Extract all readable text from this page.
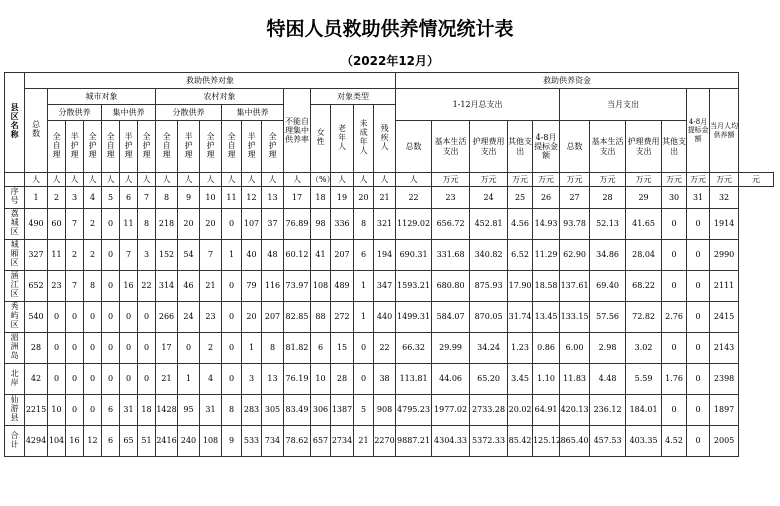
特困人员救助供养情况统计表
（2022年12月）
县区名称	救助供养对象																		救助供养资金											
	总数	城市对象						农村对象						不能自理集中供养率	对象类型				1-12月总支出					当月支出				4-8月提标金额	当月人均供养额	
		分散供养			集中供养			分散供养			集中供养				女性	老年人	未成年人	残疾人												
		全自理	半护理	全护理	全自理	半护理	全护理	全自理	半护理	全护理	全自理	半护理	全护理						总数	基本生活支出	护理费用支出	其他支出	4-8月提标金额	总数	基本生活支出	护理费用支出	其他支出			
	人	人	人	人	人	人	人	人	人	人	人	人	人	人	（%）	人	人	人	人	万元	万元	万元	万元	万元	万元	万元	万元	万元	万元	元
序号	1	2	3	4	5	6	7	8	9	10	11	12	13	17	18	19	20	21	22	23	24	25	26	27	28	29	30	31	32	
荔城区	490	60	7	2	0	11	8	218	20	20	0	107	37	76.89	98	336	8	321	1129.02	656.72	452.81	4.56	14.93	93.78	52.13	41.65	0	0	1914	
城厢区	327	11	2	2	0	7	3	152	54	7	1	40	48	60.12	41	207	6	194	690.31	331.68	340.82	6.52	11.29	62.90	34.86	28.04	0	0	2990	
涵江区	652	23	7	8	0	16	22	314	46	21	0	79	116	73.97	108	489	1	347	1593.21	680.80	875.93	17.90	18.58	137.61	69.40	68.22	0	0	2111	
秀屿区	540	0	0	0	0	0	0	266	24	23	0	20	207	82.85	88	272	1	440	1499.31	584.07	870.05	31.74	13.45	133.15	57.56	72.82	2.76	0	2415	
湄洲岛	28	0	0	0	0	0	0	17	0	2	0	1	8	81.82	6	15	0	22	66.32	29.99	34.24	1.23	0.86	6.00	2.98	3.02	0	0	2143	
北岸	42	0	0	0	0	0	0	21	1	4	0	3	13	76.19	10	28	0	38	113.81	44.06	65.20	3.45	1.10	11.83	4.48	5.59	1.76	0	2398	
仙游县	2215	10	0	0	6	31	18	1428	95	31	8	283	305	83.49	306	1387	5	908	4795.23	1977.02	2733.28	20.02	64.91	420.13	236.12	184.01	0	0	1897	
合计	4294	104	16	12	6	65	51	2416	240	108	9	533	734	78.62	657	2734	21	2270	9887.21	4304.33	5372.33	85.42	125.12	865.40	457.53	403.35	4.52	0	2005	
